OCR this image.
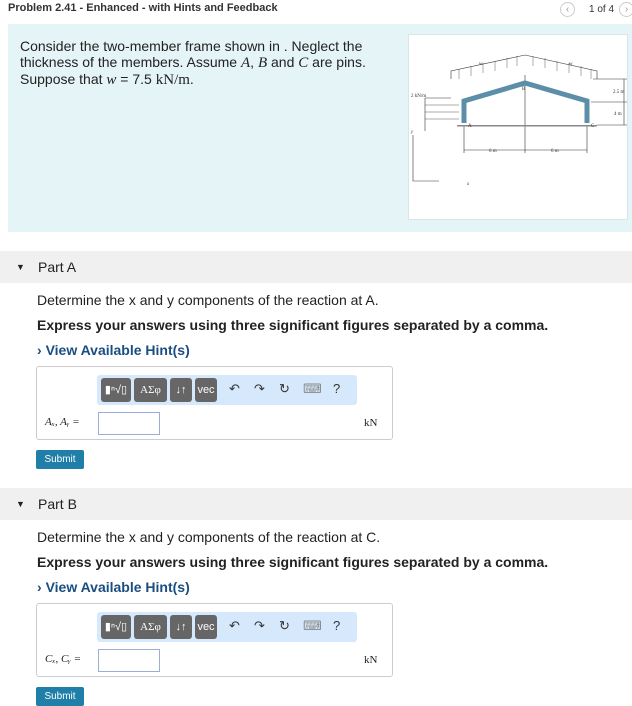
Problem 2.41 - Enhanced - with Hints and Feedback	‹	1 of 4	›
Consider the two-member frame shown in . Neglect the
thickness of the members. Assume A, B and C are pins.
Suppose that w = 7.5 kN/m.
2 kN/m
w	w
B
A	C
2.5 m
4 m
6 m	6 m
y
x
▼ Part A
Determine the x and y components of the reaction at A.
Express your answers using three significant figures separated by a comma.
› View Available Hint(s)
▮ⁿ√▯	ΑΣφ	↓↑ vec ↶ ↷ ↻ ⌨ ?
Aₓ, Aᵧ =	kN
Submit
▼ Part B
Determine the x and y components of the reaction at C.
Express your answers using three significant figures separated by a comma.
› View Available Hint(s)
▮ⁿ√▯	ΑΣφ	↓↑ vec ↶ ↷ ↻ ⌨ ?
Cₓ, Cᵧ =	kN
Submit
